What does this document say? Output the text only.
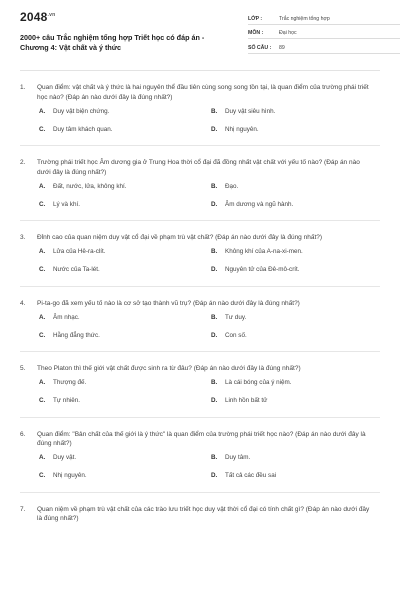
$2048^{.vn}$
2000+ câu Trắc nghiệm tổng hợp Triết học có đáp án - Chương 4: Vật chất và ý thức
LỚP :	Trắc nghiệm tổng hợp
MÔN :	Đại học
SỐ CÂU :	89
1.	Quan điểm: vật chất và ý thức là hai nguyên thể đầu tiên cùng song song tồn tại, là quan điểm của trường phái triết học nào? (Đáp án nào dưới đây là đúng nhất?)
A.	Duy vật biện chứng.	B.	Duy vật siêu hình.
C.	Duy tâm khách quan.	D.	Nhị nguyên.
2.	Trường phái triết học Âm dương gia ở Trung Hoa thời cổ đại đã đồng nhất vật chất với yếu tố nào? (Đáp án nào dưới đây là đúng nhất?)
A.	Đất, nước, lửa, không khí.	B.	Đạo.
C.	Lý và khí.	D.	Âm dương và ngũ hành.
3.	Đỉnh cao của quan niệm duy vật cổ đại về phạm trù vật chất? (Đáp án nào dưới đây là đúng nhất?)
A.	Lửa của Hê-ra-clít.	B.	Không khí của A-na-xi-men.
C.	Nước của Ta-lét.	D.	Nguyên tử của Đê-mô-crít.
4.	Pi-ta-go đã xem yếu tố nào là cơ sở tạo thành vũ trụ? (Đáp án nào dưới đây là đúng nhất?)
A.	Âm nhạc.	B.	Tư duy.
C.	Hằng đẳng thức.	D.	Con số.
5.	Theo Platon thì thế giới vật chất được sinh ra từ đâu? (Đáp án nào dưới đây là đúng nhất?)
A.	Thượng đế.	B.	Là cái bóng của ý niệm.
C.	Tự nhiên.	D.	Linh hồn bất tử
6.	Quan điểm: "Bản chất của thế giới là ý thức" là quan điểm của trường phái triết học nào? (Đáp án nào dưới đây là đúng nhất?)
A.	Duy vật.	B.	Duy tâm.
C.	Nhị nguyên.	D.	Tất cả các đều sai
7.	Quan niệm về phạm trù vật chất của các trào lưu triết học duy vật thời cổ đại có tính chất gì? (Đáp án nào dưới đây là đúng nhất?)
